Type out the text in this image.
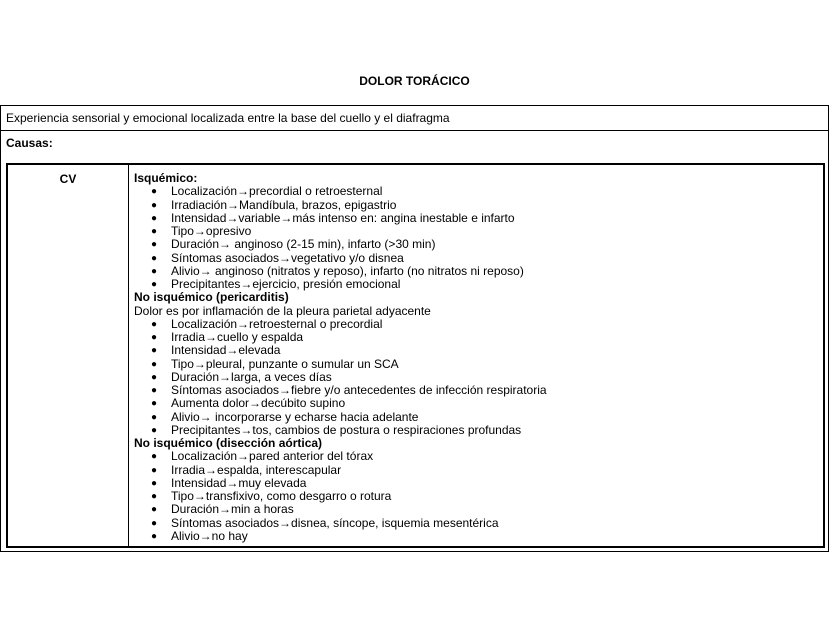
DOLOR TORÁCICO
Experiencia sensorial y emocional localizada entre la base del cuello y el diafragma
Causas:
CV	Isquémico:
● Localización→precordial o retroesternal
● Irradiación→Mandíbula, brazos, epigastrio
● Intensidad→variable→más intenso en: angina inestable e infarto
● Tipo→opresivo
● Duración→ anginoso (2-15 min), infarto (>30 min)
● Síntomas asociados→vegetativo y/o disnea
● Alivio→ anginoso (nitratos y reposo), infarto (no nitratos ni reposo)
● Precipitantes→ejercicio, presión emocional
No isquémico (pericarditis)
Dolor es por inflamación de la pleura parietal adyacente
● Localización→retroesternal o precordial
● Irradia→cuello y espalda
● Intensidad→elevada
● Tipo→pleural, punzante o sumular un SCA
● Duración→larga, a veces días
● Síntomas asociados→fiebre y/o antecedentes de infección respiratoria
● Aumenta dolor→decúbito supino
● Alivio→ incorporarse y echarse hacia adelante
● Precipitantes→tos, cambios de postura o respiraciones profundas
No isquémico (disección aórtica)
● Localización→pared anterior del tórax
● Irradia→espalda, interescapular
● Intensidad→muy elevada
● Tipo→transfixivo, como desgarro o rotura
● Duración→min a horas
● Síntomas asociados→disnea, síncope, isquemia mesentérica
● Alivio→no hay
